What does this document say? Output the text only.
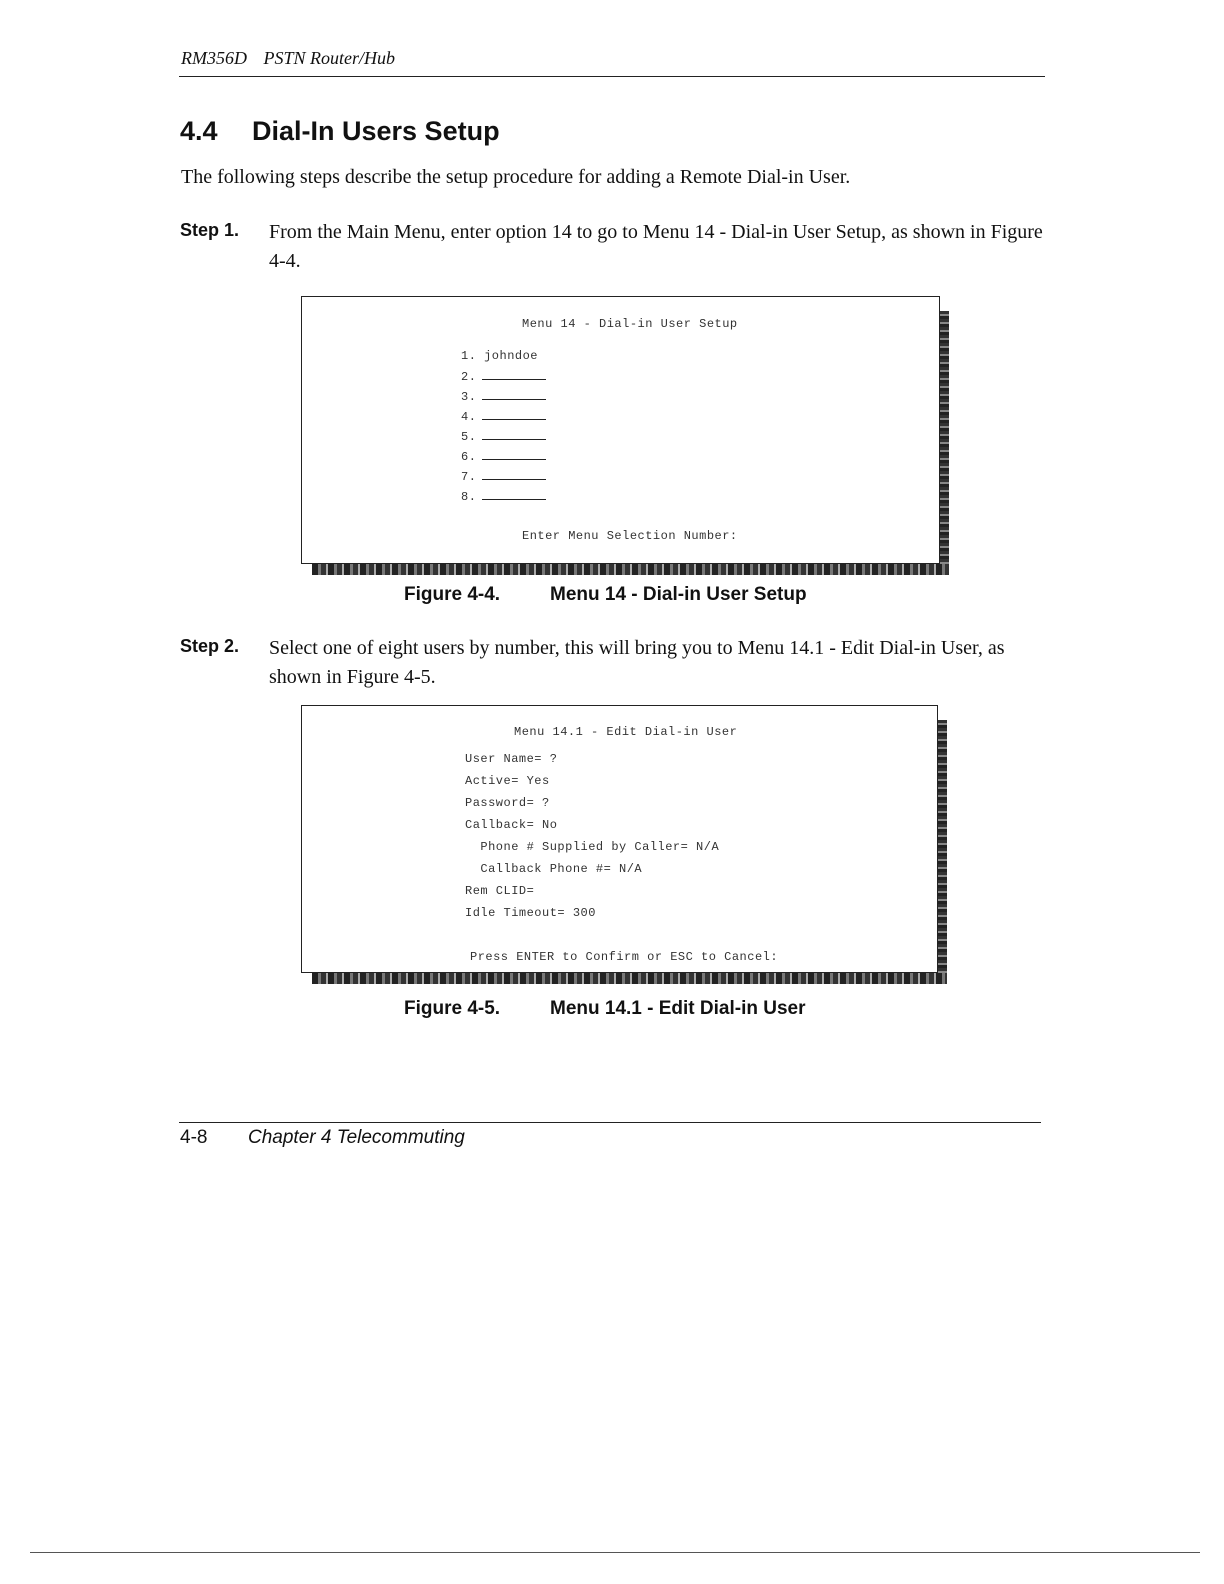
RM356D PSTN Router/Hub
4.4 Dial-In Users Setup
The following steps describe the setup procedure for adding a Remote Dial-in User.
Step 1. From the Main Menu, enter option 14 to go to Menu 14 - Dial-in User Setup, as shown in Figure 4-4.
Menu 14 - Dial-in User Setup
1. johndoe
2.
3.
4.
5.
6.
7.
8.
Enter Menu Selection Number:
Figure 4-4.	Menu 14 - Dial-in User Setup
Step 2. Select one of eight users by number, this will bring you to Menu 14.1 - Edit Dial-in User, as shown in Figure 4-5.
Menu 14.1 - Edit Dial-in User
User Name= ?
Active= Yes
Password= ?
Callback= No
Phone # Supplied by Caller= N/A
Callback Phone #= N/A
Rem CLID=
Idle Timeout= 300
Press ENTER to Confirm or ESC to Cancel:
Figure 4-5.	Menu 14.1 - Edit Dial-in User
4-8 Chapter 4 Telecommuting
